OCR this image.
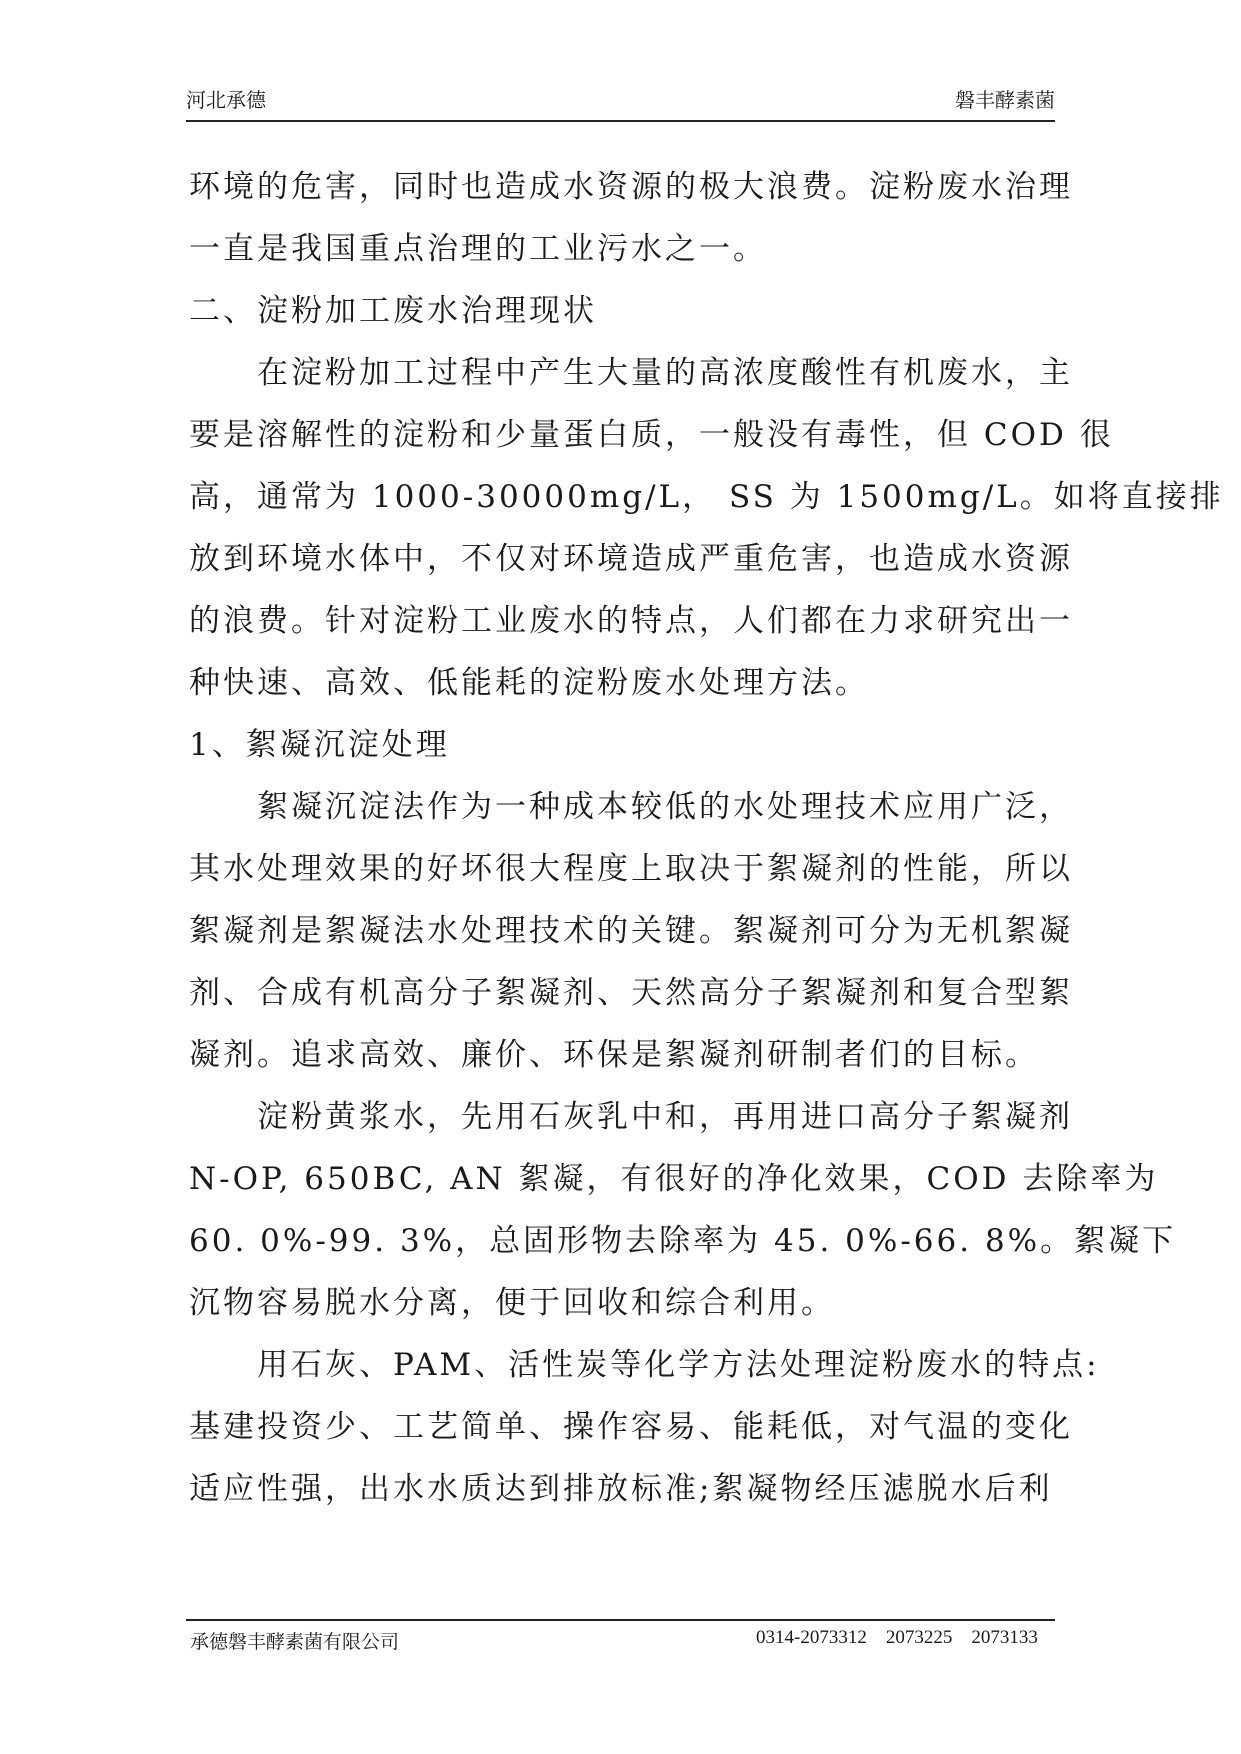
河北承德	磐丰酵素菌
环境的危害，同时也造成水资源的极大浪费。淀粉废水治理
一直是我国重点治理的工业污水之一。
二、淀粉加工废水治理现状
在淀粉加工过程中产生大量的高浓度酸性有机废水，主
要是溶解性的淀粉和少量蛋白质，一般没有毒性，但 COD 很
高，通常为 1000-30000mg/L， SS 为 1500mg/L。如将直接排
放到环境水体中，不仅对环境造成严重危害，也造成水资源
的浪费。针对淀粉工业废水的特点，人们都在力求研究出一
种快速、高效、低能耗的淀粉废水处理方法。
1、絮凝沉淀处理
絮凝沉淀法作为一种成本较低的水处理技术应用广泛，
其水处理效果的好坏很大程度上取决于絮凝剂的性能，所以
絮凝剂是絮凝法水处理技术的关键。絮凝剂可分为无机絮凝
剂、合成有机高分子絮凝剂、天然高分子絮凝剂和复合型絮
凝剂。追求高效、廉价、环保是絮凝剂研制者们的目标。
淀粉黄浆水，先用石灰乳中和，再用进口高分子絮凝剂
N-OP, 650BC, AN 絮凝，有很好的净化效果，COD 去除率为
60. 0%-99. 3%，总固形物去除率为 45. 0%-66. 8%。絮凝下
沉物容易脱水分离，便于回收和综合利用。
用石灰、PAM、活性炭等化学方法处理淀粉废水的特点:
基建投资少、工艺简单、操作容易、能耗低，对气温的变化
适应性强，出水水质达到排放标准;絮凝物经压滤脱水后利
承德磐丰酵素菌有限公司	0314-2073312    2073225    2073133
